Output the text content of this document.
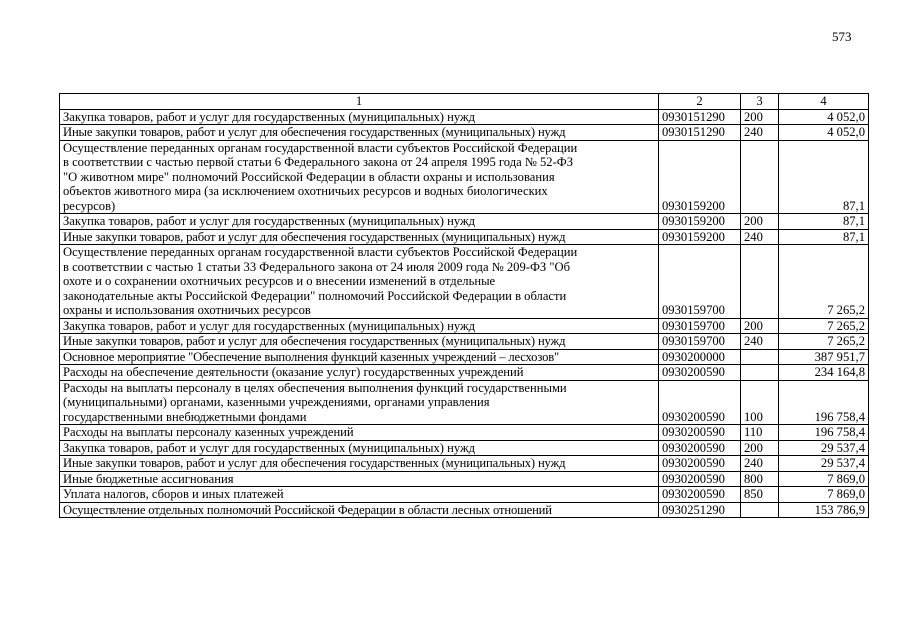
573
1	2	3	4
Закупка товаров, работ и услуг для государственных (муниципальных) нужд	0930151290	200	4 052,0
Иные закупки товаров, работ и услуг для обеспечения государственных (муниципальных) нужд	0930151290	240	4 052,0
Осуществление переданных органам государственной власти субъектов Российской Федерации
в соответствии с частью первой статьи 6 Федерального закона от 24 апреля 1995 года № 52-ФЗ
"О животном мире" полномочий Российской Федерации в области охраны и использования
объектов животного мира (за исключением охотничьих ресурсов и водных биологических
ресурсов)	0930159200		87,1
Закупка товаров, работ и услуг для государственных (муниципальных) нужд	0930159200	200	87,1
Иные закупки товаров, работ и услуг для обеспечения государственных (муниципальных) нужд	0930159200	240	87,1
Осуществление переданных органам государственной власти субъектов Российской Федерации
в соответствии с частью 1 статьи 33 Федерального закона от 24 июля 2009 года № 209-ФЗ "Об
охоте и о сохранении охотничьих ресурсов и о внесении изменений в отдельные
законодательные акты Российской Федерации" полномочий Российской Федерации в области
охраны и использования охотничьих ресурсов	0930159700		7 265,2
Закупка товаров, работ и услуг для государственных (муниципальных) нужд	0930159700	200	7 265,2
Иные закупки товаров, работ и услуг для обеспечения государственных (муниципальных) нужд	0930159700	240	7 265,2
Основное мероприятие "Обеспечение выполнения функций казенных учреждений – лесхозов"	0930200000		387 951,7
Расходы на обеспечение деятельности (оказание услуг) государственных учреждений	0930200590		234 164,8
Расходы на выплаты персоналу в целях обеспечения выполнения функций государственными
(муниципальными) органами, казенными учреждениями, органами управления
государственными внебюджетными фондами	0930200590	100	196 758,4
Расходы на выплаты персоналу казенных учреждений	0930200590	110	196 758,4
Закупка товаров, работ и услуг для государственных (муниципальных) нужд	0930200590	200	29 537,4
Иные закупки товаров, работ и услуг для обеспечения государственных (муниципальных) нужд	0930200590	240	29 537,4
Иные бюджетные ассигнования	0930200590	800	7 869,0
Уплата налогов, сборов и иных платежей	0930200590	850	7 869,0
Осуществление отдельных полномочий Российской Федерации в области лесных отношений	0930251290		153 786,9
